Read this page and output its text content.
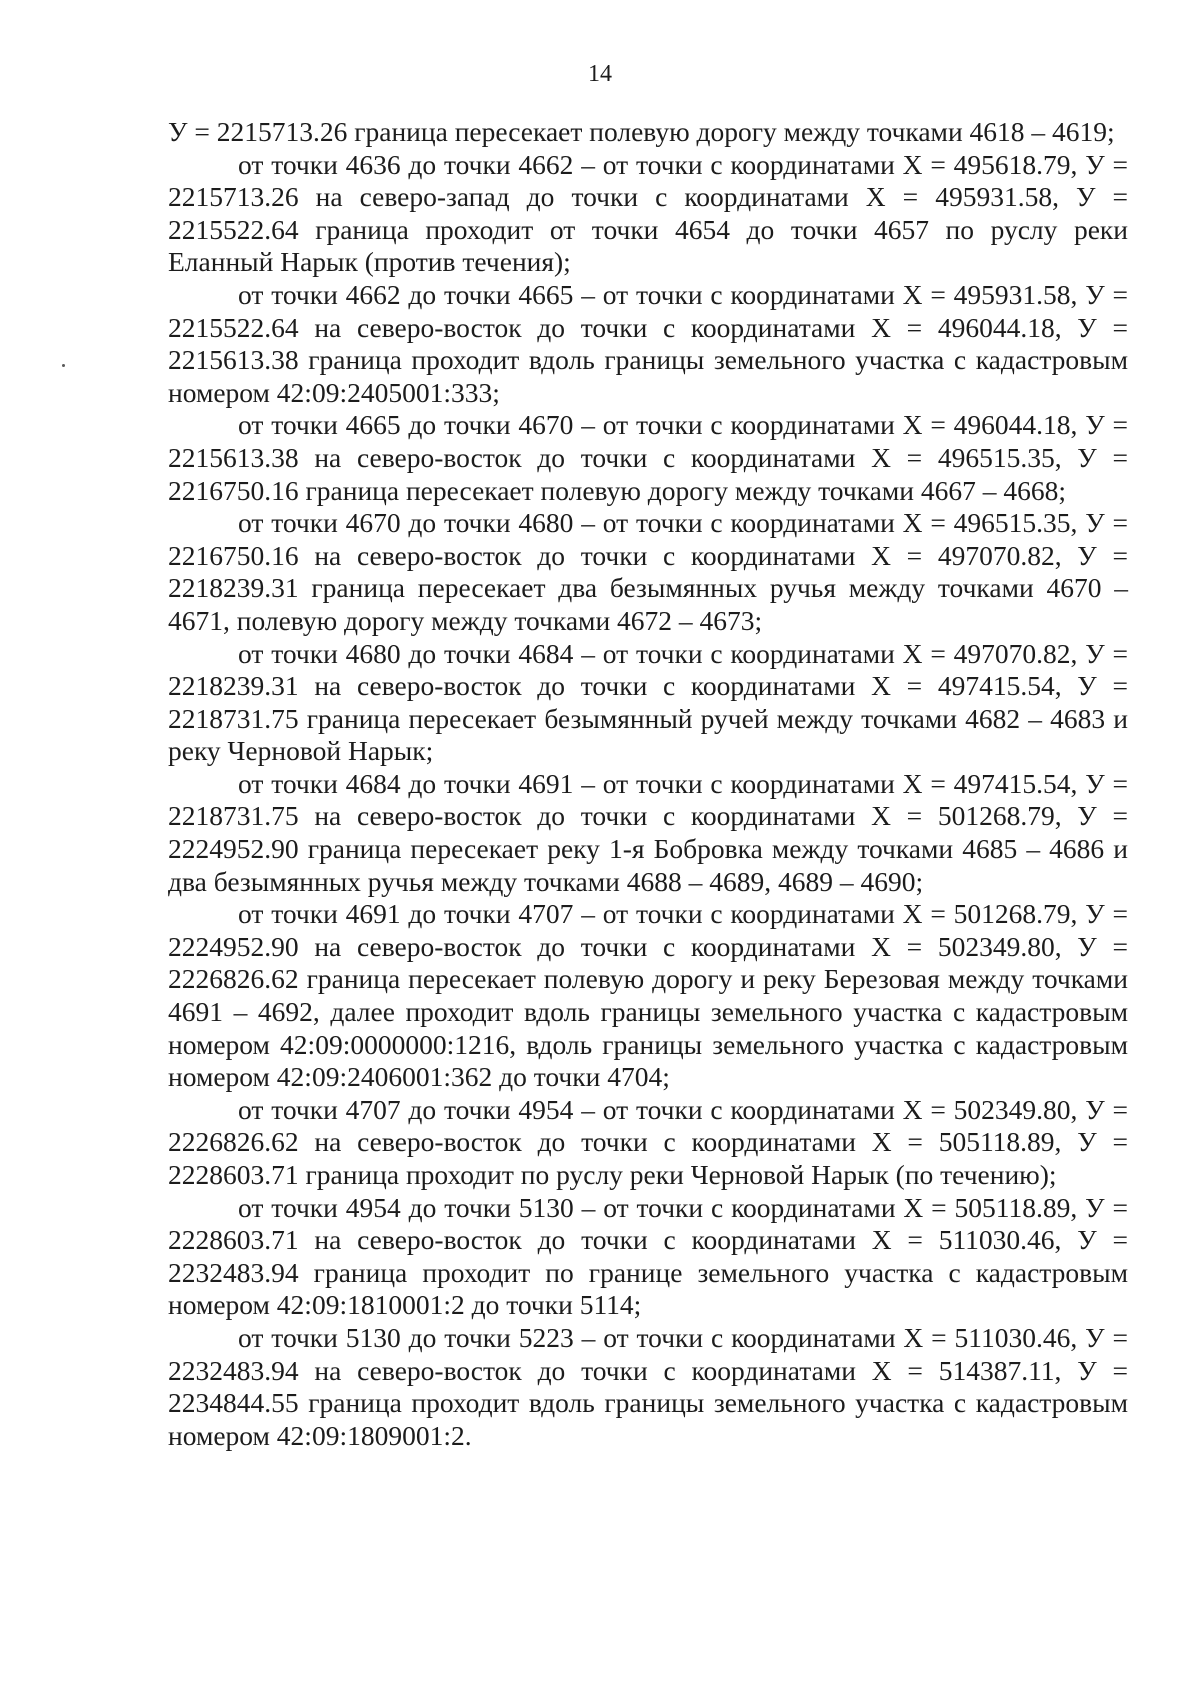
14

У = 2215713.26 граница пересекает полевую дорогу между точками 4618 – 4619;

от точки 4636 до точки 4662 – от точки с координатами Х = 495618.79, У = 2215713.26 на северо-запад до точки с координатами Х = 495931.58, У = 2215522.64 граница проходит от точки 4654 до точки 4657 по руслу реки Еланный Нарык (против течения);

от точки 4662 до точки 4665 – от точки с координатами Х = 495931.58, У = 2215522.64 на северо-восток до точки с координатами Х = 496044.18, У = 2215613.38 граница проходит вдоль границы земельного участка с кадастровым номером 42:09:2405001:333;

от точки 4665 до точки 4670 – от точки с координатами Х = 496044.18, У = 2215613.38 на северо-восток до точки с координатами Х = 496515.35, У = 2216750.16 граница пересекает полевую дорогу между точками 4667 – 4668;

от точки 4670 до точки 4680 – от точки с координатами Х = 496515.35, У = 2216750.16 на северо-восток до точки с координатами Х = 497070.82, У = 2218239.31 граница пересекает два безымянных ручья между точками 4670 – 4671, полевую дорогу между точками 4672 – 4673;

от точки 4680 до точки 4684 – от точки с координатами Х = 497070.82, У = 2218239.31 на северо-восток до точки с координатами Х = 497415.54, У = 2218731.75 граница пересекает безымянный ручей между точками 4682 – 4683 и реку Черновой Нарык;

от точки 4684 до точки 4691 – от точки с координатами Х = 497415.54, У = 2218731.75 на северо-восток до точки с координатами Х = 501268.79, У = 2224952.90 граница пересекает реку 1-я Бобровка между точками 4685 – 4686 и два безымянных ручья между точками 4688 – 4689, 4689 – 4690;

от точки 4691 до точки 4707 – от точки с координатами Х = 501268.79, У = 2224952.90 на северо-восток до точки с координатами Х = 502349.80, У = 2226826.62 граница пересекает полевую дорогу и реку Березовая между точками 4691 – 4692, далее проходит вдоль границы земельного участка с кадастровым номером 42:09:0000000:1216, вдоль границы земельного участка с кадастровым номером 42:09:2406001:362 до точки 4704;

от точки 4707 до точки 4954 – от точки с координатами Х = 502349.80, У = 2226826.62 на северо-восток до точки с координатами Х = 505118.89, У = 2228603.71 граница проходит по руслу реки Черновой Нарык (по течению);

от точки 4954 до точки 5130 – от точки с координатами Х = 505118.89, У = 2228603.71 на северо-восток до точки с координатами Х = 511030.46, У = 2232483.94 граница проходит по границе земельного участка с кадастровым номером 42:09:1810001:2 до точки 5114;

от точки 5130 до точки 5223 – от точки с координатами Х = 511030.46, У = 2232483.94 на северо-восток до точки с координатами Х = 514387.11, У = 2234844.55 граница проходит вдоль границы земельного участка с кадастровым номером 42:09:1809001:2.
